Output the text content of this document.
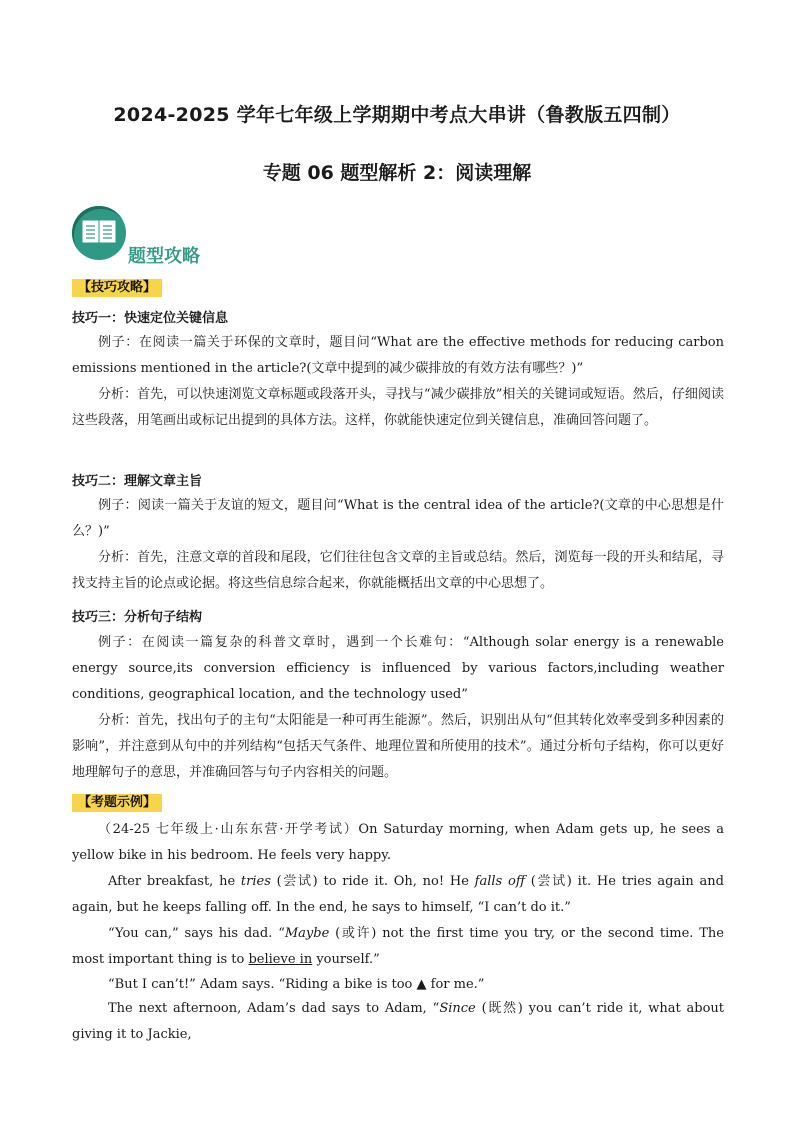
2024-2025 学年七年级上学期期中考点大串讲（鲁教版五四制）
专题 06 题型解析 2：阅读理解
题型攻略
【技巧攻略】
技巧一：快速定位关键信息
例子：在阅读一篇关于环保的文章时，题目问“What are the effective methods for reducing carbon emissions mentioned in the article?(文章中提到的减少碳排放的有效方法有哪些？)”
分析：首先，可以快速浏览文章标题或段落开头，寻找与“减少碳排放”相关的关键词或短语。然后，仔细阅读这些段落，用笔画出或标记出提到的具体方法。这样，你就能快速定位到关键信息，准确回答问题了。
技巧二：理解文章主旨
例子：阅读一篇关于友谊的短文，题目问“What is the central idea of the article?(文章的中心思想是什么？)”
分析：首先，注意文章的首段和尾段，它们往往包含文章的主旨或总结。然后，浏览每一段的开头和结尾，寻找支持主旨的论点或论据。将这些信息综合起来，你就能概括出文章的中心思想了。
技巧三：分析句子结构
例子：在阅读一篇复杂的科普文章时，遇到一个长难句：“Although solar energy is a renewable energy source,its conversion efficiency is influenced by various factors,including weather conditions, geographical location, and the technology used”
分析：首先，找出句子的主句“太阳能是一种可再生能源”。然后，识别出从句“但其转化效率受到多种因素的影响”，并注意到从句中的并列结构“包括天气条件、地理位置和所使用的技术”。通过分析句子结构，你可以更好地理解句子的意思，并准确回答与句子内容相关的问题。
【考题示例】
（24-25 七年级上·山东东营·开学考试）On Saturday morning, when Adam gets up, he sees a yellow bike in his bedroom. He feels very happy.
After breakfast, he tries (尝试) to ride it. Oh, no! He falls off (尝试) it. He tries again and again, but he keeps falling off. In the end, he says to himself, “I can’t do it.”
“You can,” says his dad. “Maybe (或许) not the first time you try, or the second time. The most important thing is to believe in yourself.”
“But I can’t!” Adam says. “Riding a bike is too ▲ for me.”
The next afternoon, Adam’s dad says to Adam, “Since (既然) you can’t ride it, what about giving it to Jackie,
